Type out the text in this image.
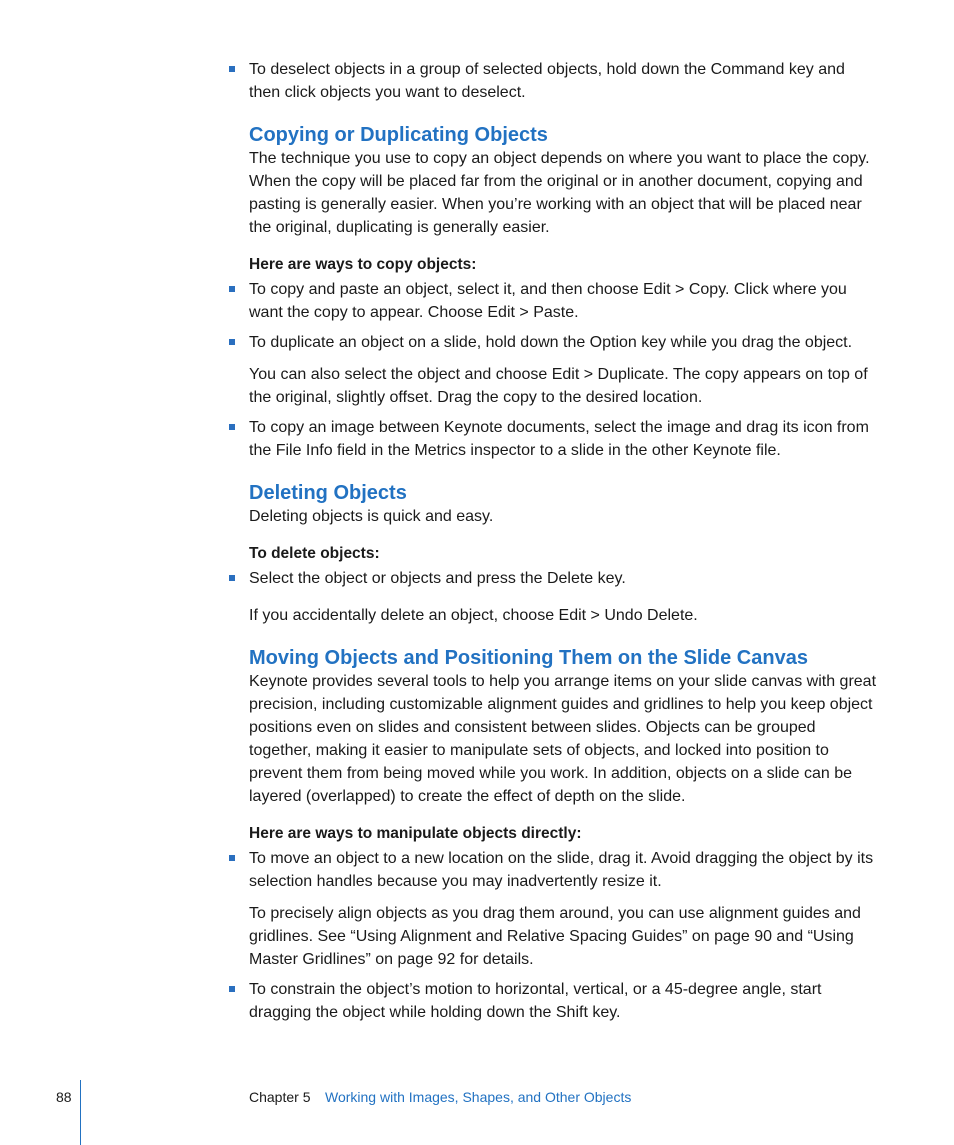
To deselect objects in a group of selected objects, hold down the Command key and then click objects you want to deselect.

Copying or Duplicating Objects

The technique you use to copy an object depends on where you want to place the copy. When the copy will be placed far from the original or in another document, copying and pasting is generally easier. When you’re working with an object that will be placed near the original, duplicating is generally easier.

Here are ways to copy objects:

To copy and paste an object, select it, and then choose Edit > Copy. Click where you want the copy to appear. Choose Edit > Paste.

To duplicate an object on a slide, hold down the Option key while you drag the object.

You can also select the object and choose Edit > Duplicate. The copy appears on top of the original, slightly offset. Drag the copy to the desired location.

To copy an image between Keynote documents, select the image and drag its icon from the File Info field in the Metrics inspector to a slide in the other Keynote file.

Deleting Objects

Deleting objects is quick and easy.

To delete objects:

Select the object or objects and press the Delete key.

If you accidentally delete an object, choose Edit > Undo Delete.

Moving Objects and Positioning Them on the Slide Canvas

Keynote provides several tools to help you arrange items on your slide canvas with great precision, including customizable alignment guides and gridlines to help you keep object positions even on slides and consistent between slides. Objects can be grouped together, making it easier to manipulate sets of objects, and locked into position to prevent them from being moved while you work. In addition, objects on a slide can be layered (overlapped) to create the effect of depth on the slide.

Here are ways to manipulate objects directly:

To move an object to a new location on the slide, drag it. Avoid dragging the object by its selection handles because you may inadvertently resize it.

To precisely align objects as you drag them around, you can use alignment guides and gridlines. See “Using Alignment and Relative Spacing Guides” on page 90 and “Using Master Gridlines” on page 92 for details.

To constrain the object’s motion to horizontal, vertical, or a 45-degree angle, start dragging the object while holding down the Shift key.

88	Chapter 5 Working with Images, Shapes, and Other Objects
